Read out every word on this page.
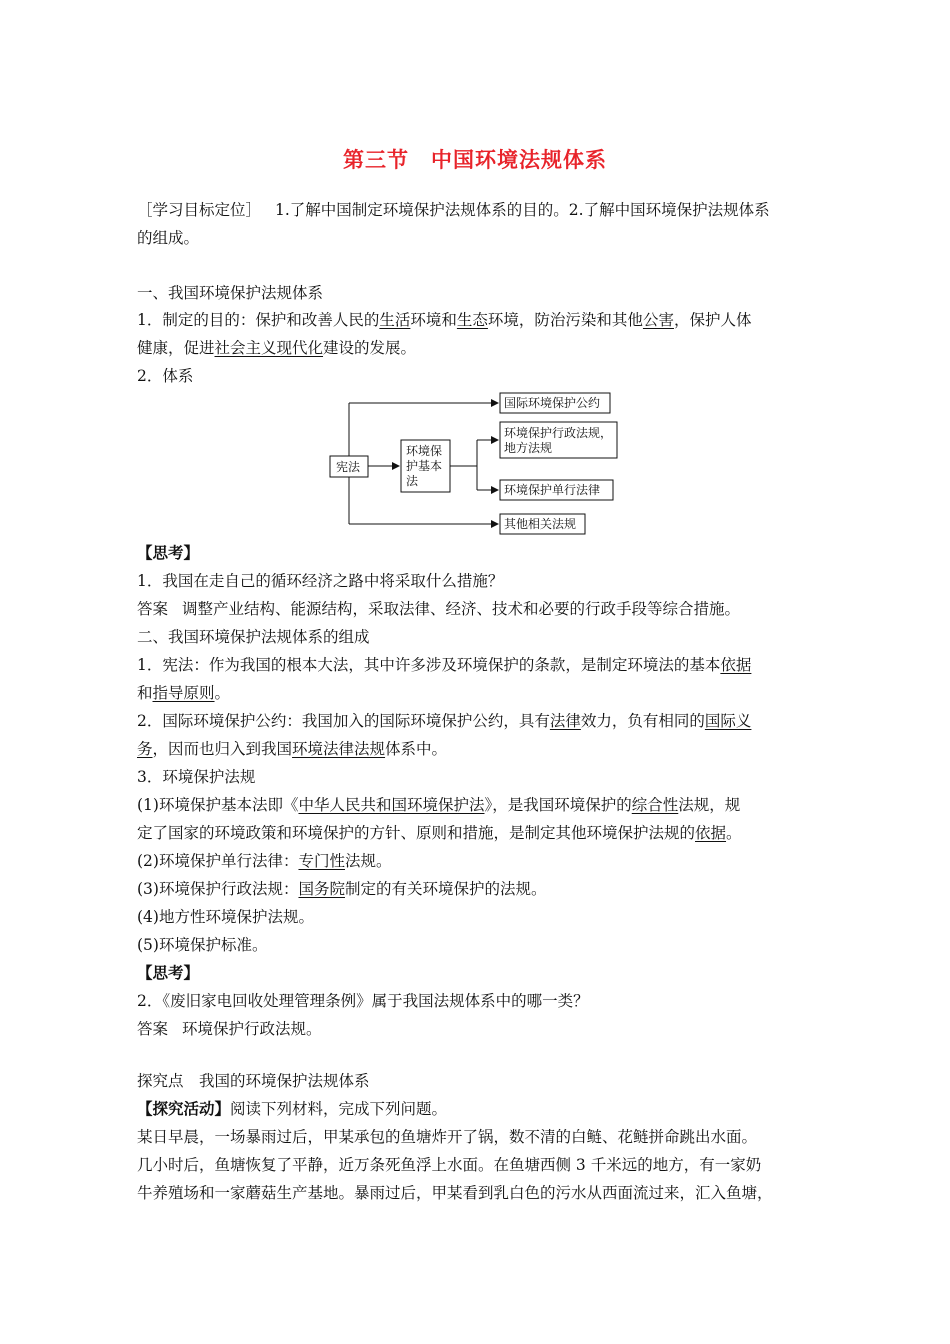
第三节　中国环境法规体系
［学习目标定位］ 1.了解中国制定环境保护法规体系的目的。2.了解中国环境保护法规体系
的组成。
一、我国环境保护法规体系
1．制定的目的：保护和改善人民的生活环境和生态环境，防治污染和其他公害，保护人体
健康，促进社会主义现代化建设的发展。
2．体系
宪法
环境保
护基本
法
国际环境保护公约
环境保护行政法规，
地方法规
环境保护单行法律
其他相关法规
【思考】
1．我国在走自己的循环经济之路中将采取什么措施？
答案 调整产业结构、能源结构，采取法律、经济、技术和必要的行政手段等综合措施。
二、我国环境保护法规体系的组成
1．宪法：作为我国的根本大法，其中许多涉及环境保护的条款，是制定环境法的基本依据
和指导原则。
2．国际环境保护公约：我国加入的国际环境保护公约，具有法律效力，负有相同的国际义
务，因而也归入到我国环境法律法规体系中。
3．环境保护法规
(1)环境保护基本法即《中华人民共和国环境保护法》，是我国环境保护的综合性法规，规
定了国家的环境政策和环境保护的方针、原则和措施，是制定其他环境保护法规的依据。
(2)环境保护单行法律：专门性法规。
(3)环境保护行政法规：国务院制定的有关环境保护的法规。
(4)地方性环境保护法规。
(5)环境保护标准。
【思考】
2．《废旧家电回收处理管理条例》属于我国法规体系中的哪一类？
答案 环境保护行政法规。
探究点　我国的环境保护法规体系
【探究活动】阅读下列材料，完成下列问题。
某日早晨，一场暴雨过后，甲某承包的鱼塘炸开了锅，数不清的白鲢、花鲢拼命跳出水面。
几小时后，鱼塘恢复了平静，近万条死鱼浮上水面。在鱼塘西侧 3 千米远的地方，有一家奶
牛养殖场和一家蘑菇生产基地。暴雨过后，甲某看到乳白色的污水从西面流过来，汇入鱼塘，
